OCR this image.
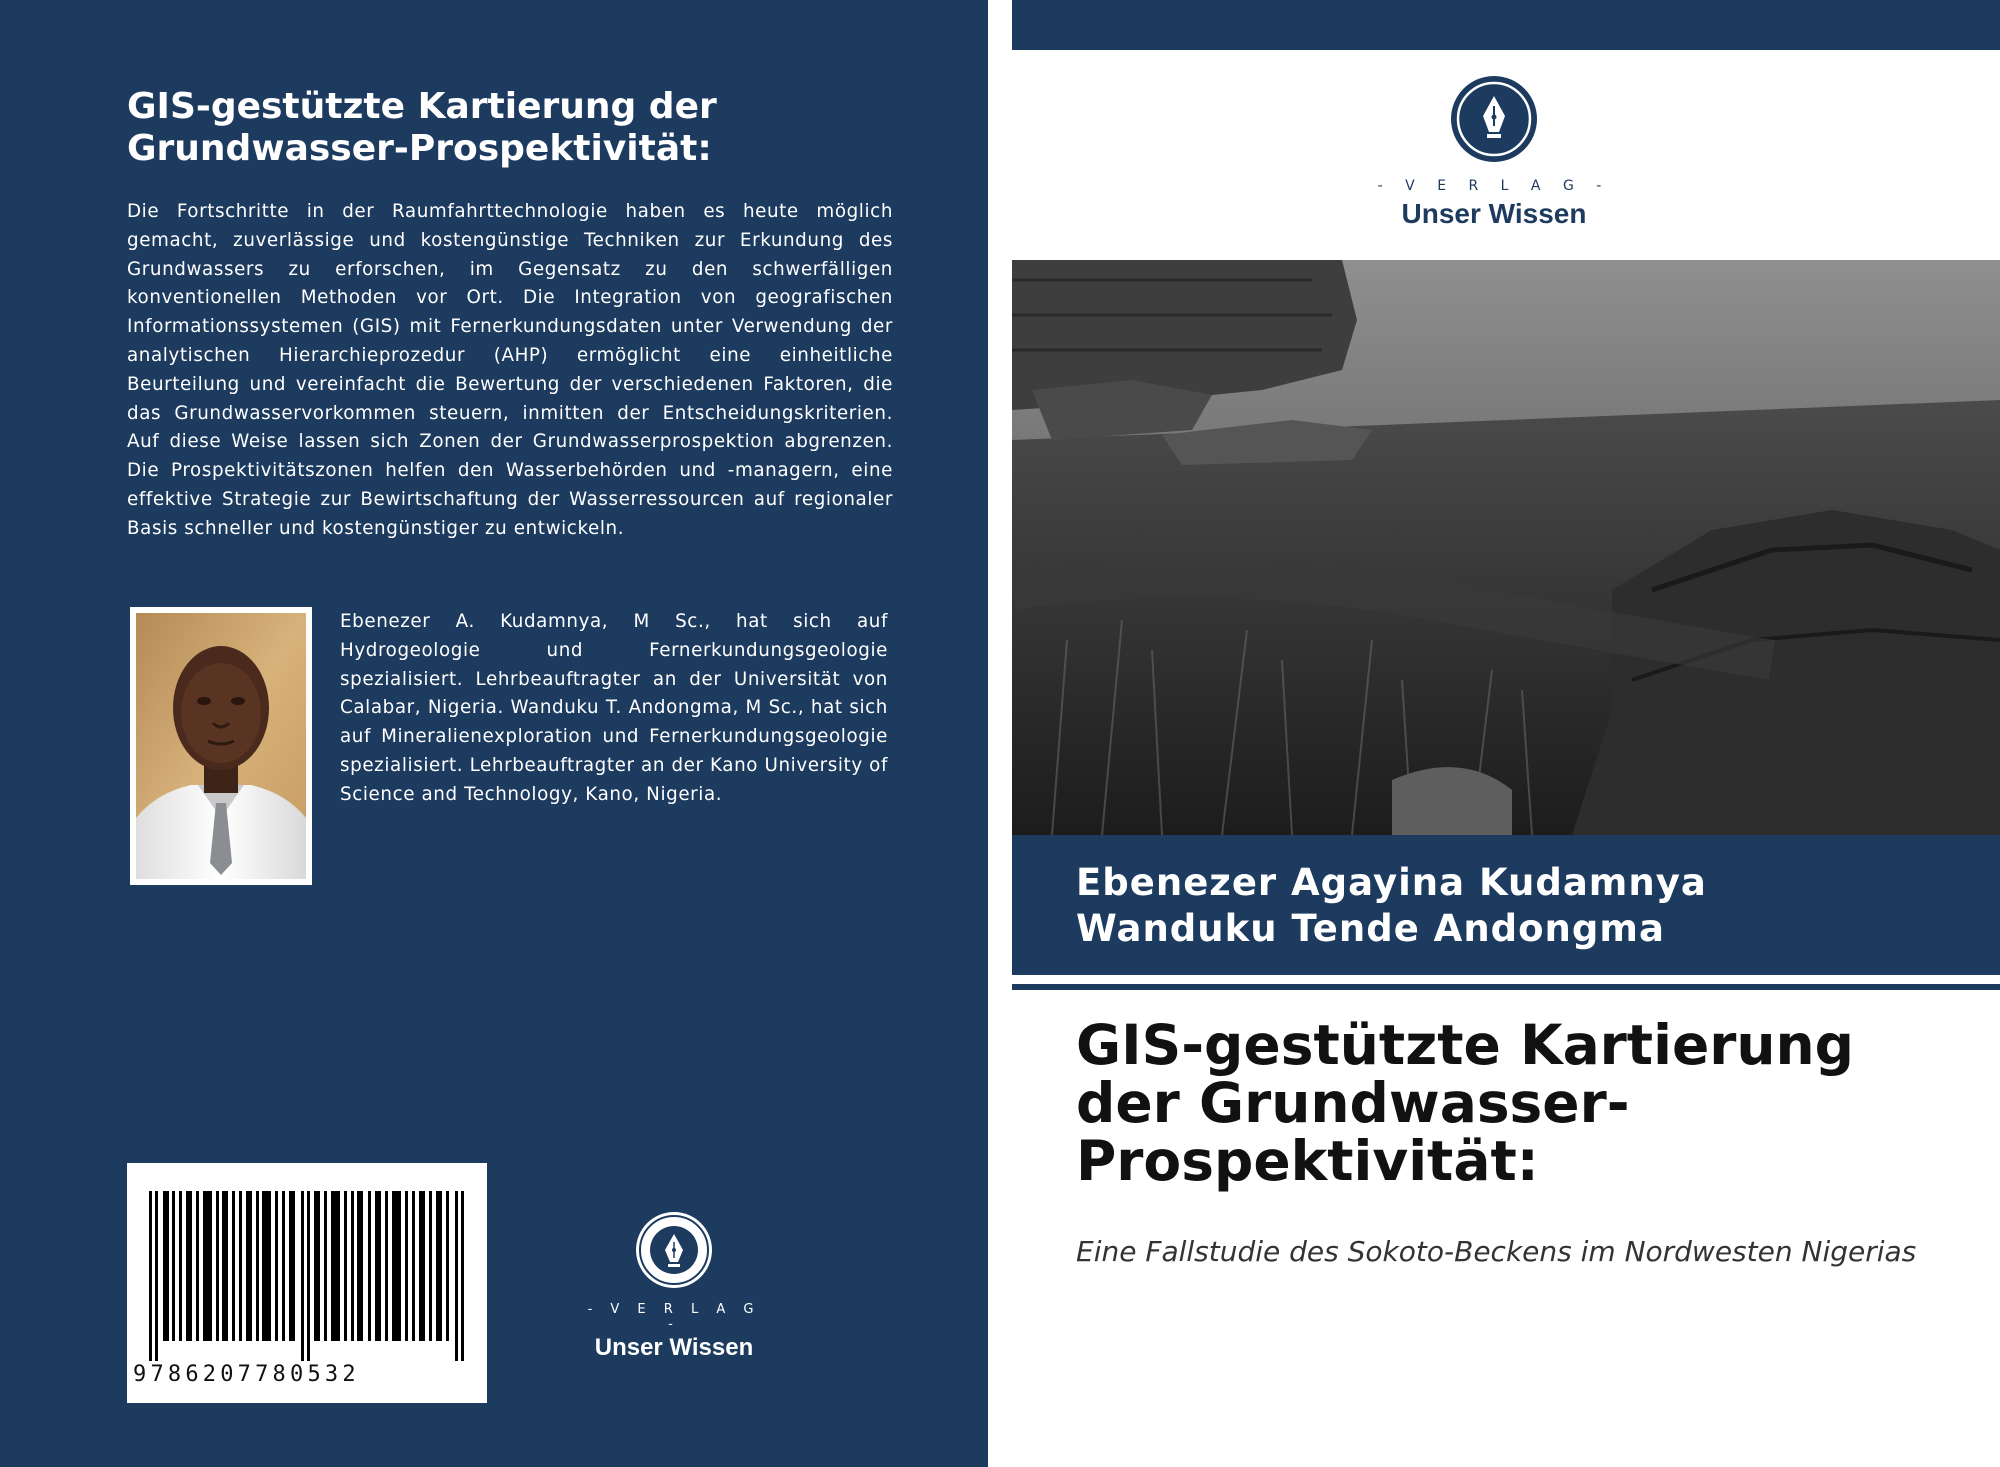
GIS-gestützte Kartierung der Grundwasser-Prospektivität:

Die Fortschritte in der Raumfahrttechnologie haben es heute möglich gemacht, zuverlässige und kostengünstige Techniken zur Erkundung des Grundwassers zu erforschen, im Gegensatz zu den schwerfälligen konventionellen Methoden vor Ort. Die Integration von geografischen Informationssystemen (GIS) mit Fernerkundungsdaten unter Verwendung der analytischen Hierarchieprozedur (AHP) ermöglicht eine einheitliche Beurteilung und vereinfacht die Bewertung der verschiedenen Faktoren, die das Grundwasservorkommen steuern, inmitten der Entscheidungskriterien. Auf diese Weise lassen sich Zonen der Grundwasserprospektion abgrenzen. Die Prospektivitätszonen helfen den Wasserbehörden und -managern, eine effektive Strategie zur Bewirtschaftung der Wasserressourcen auf regionaler Basis schneller und kostengünstiger zu entwickeln.

Ebenezer A. Kudamnya, M Sc., hat sich auf Hydrogeologie und Fernerkundungsgeologie spezialisiert. Lehrbeauftragter an der Universität von Calabar, Nigeria. Wanduku T. Andongma, M Sc., hat sich auf Mineralienexploration und Fernerkundungsgeologie spezialisiert. Lehrbeauftragter an der Kano University of Science and Technology, Kano, Nigeria.

9786207780532
- V E R L A G -
Unser Wissen
- V E R L A G -
Unser Wissen
Ebenezer Agayina Kudamnya
Wanduku Tende Andongma
GIS-gestützte Kartierung der Grundwasser-Prospektivität:

Eine Fallstudie des Sokoto-Beckens im Nordwesten Nigerias
